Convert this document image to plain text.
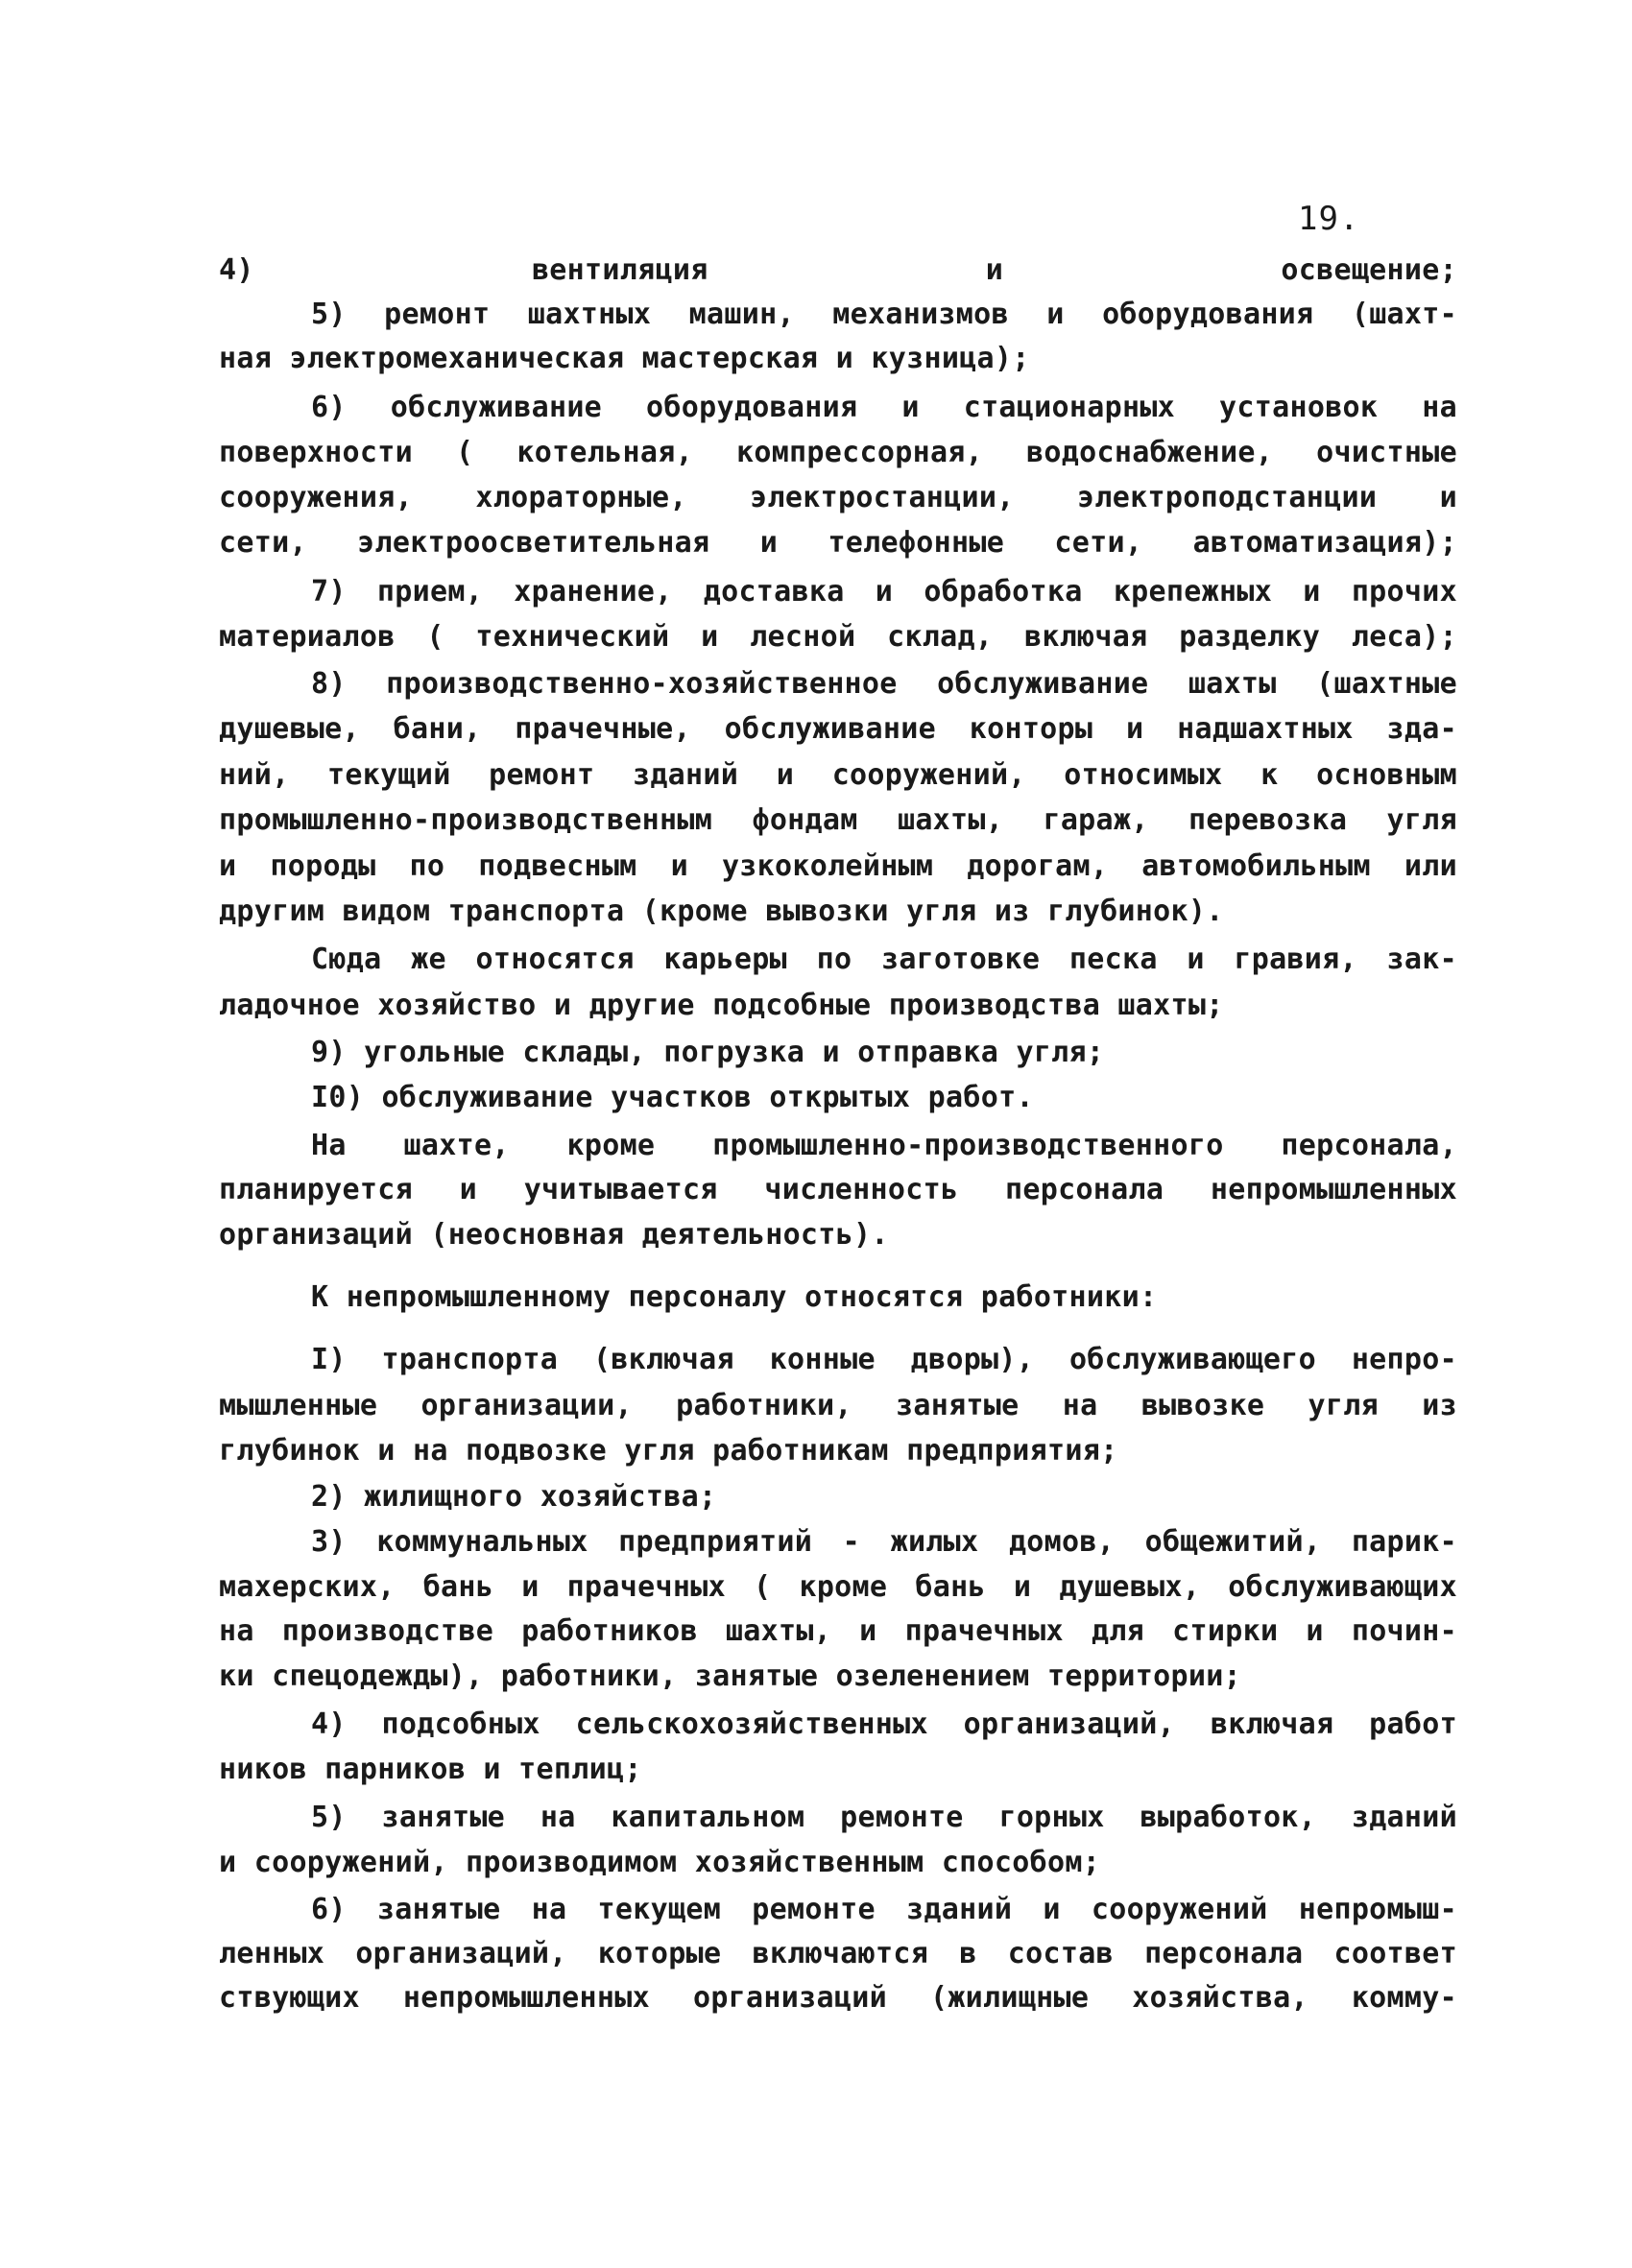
19.
4) вентиляция и освещение;
5) ремонт шахтных машин, механизмов и оборудования (шахт-
ная электромеханическая мастерская и кузница);
6) обслуживание оборудования и стационарных установок на
поверхности ( котельная, компрессорная, водоснабжение, очистные
сооружения, хлораторные, электростанции, электроподстанции и
сети, электроосветительная и телефонные сети, автоматизация);
7) прием, хранение, доставка и обработка крепежных и прочих
материалов ( технический и лесной склад, включая разделку леса);
8) производственно-хозяйственное обслуживание шахты (шахтные
душевые, бани, прачечные, обслуживание конторы и надшахтных зда-
ний, текущий ремонт зданий и сооружений, относимых к основным
промышленно-производственным фондам шахты, гараж, перевозка угля
и породы по подвесным и узкоколейным дорогам, автомобильным или
другим видом транспорта (кроме вывозки угля из глубинок).
Сюда же относятся карьеры по заготовке песка и гравия, зак-
ладочное хозяйство и другие подсобные производства шахты;
9) угольные склады, погрузка и отправка угля;
I0) обслуживание участков открытых работ.
На шахте, кроме промышленно-производственного персонала,
планируется и учитывается численность персонала непромышленных
организаций (неосновная деятельность).
К непромышленному персоналу относятся работники:
I) транспорта (включая конные дворы), обслуживающего непро-
мышленные организации, работники, занятые на вывозке угля из
глубинок и на подвозке угля работникам предприятия;
2) жилищного хозяйства;
3) коммунальных предприятий - жилых домов, общежитий, парик-
махерских, бань и прачечных ( кроме бань и душевых, обслуживающих
на производстве работников шахты, и прачечных для стирки и почин-
ки спецодежды), работники, занятые озеленением территории;
4) подсобных сельскохозяйственных организаций, включая работ
ников парников и теплиц;
5) занятые на капитальном ремонте горных выработок, зданий
и сооружений, производимом хозяйственным способом;
6) занятые на текущем ремонте зданий и сооружений непромыш-
ленных организаций, которые включаются в состав персонала соответ
ствующих непромышленных организаций (жилищные хозяйства, комму-
